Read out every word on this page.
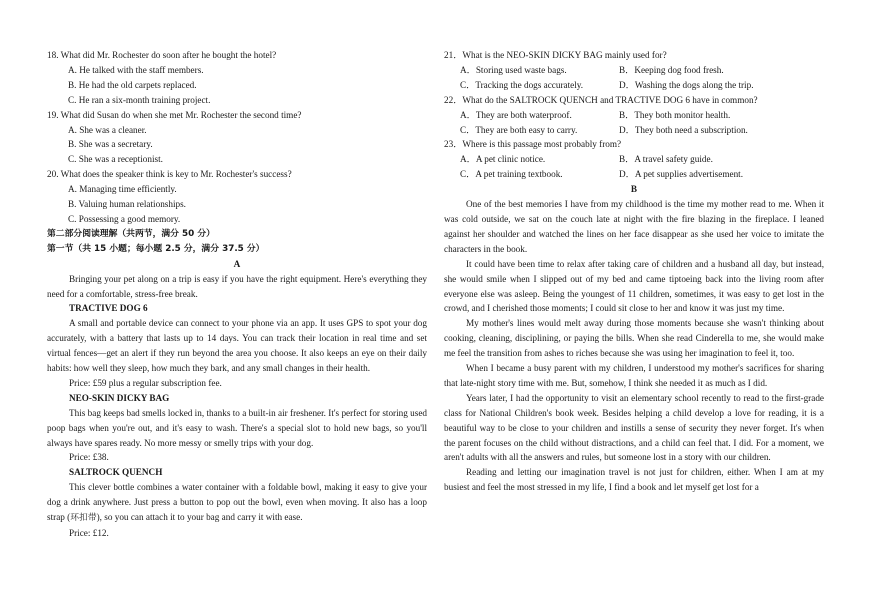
18. What did Mr. Rochester do soon after he bought the hotel?
A. He talked with the staff members.
B. He had the old carpets replaced.
C. He ran a six-month training project.
19. What did Susan do when she met Mr. Rochester the second time?
A. She was a cleaner.
B. She was a secretary.
C. She was a receptionist.
20. What does the speaker think is key to Mr. Rochester's success?
A. Managing time efficiently.
B. Valuing human relationships.
C. Possessing a good memory.
第二部分阅读理解（共两节，满分 50 分）
第一节（共 15 小题；每小题 2.5 分，满分 37.5 分）
A

Bringing your pet along on a trip is easy if you have the right equipment. Here's everything they need for a comfortable, stress-free break.

TRACTIVE DOG 6

A small and portable device can connect to your phone via an app. It uses GPS to spot your dog accurately, with a battery that lasts up to 14 days. You can track their location in real time and set virtual fences—get an alert if they run beyond the area you choose. It also keeps an eye on their daily habits: how well they sleep, how much they bark, and any small changes in their health.

Price: £59 plus a regular subscription fee.
NEO-SKIN DICKY BAG

This bag keeps bad smells locked in, thanks to a built-in air freshener. It's perfect for storing used poop bags when you're out, and it's easy to wash. There's a special slot to hold new bags, so you'll always have spares ready. No more messy or smelly trips with your dog.

Price: £38.
SALTROCK QUENCH

This clever bottle combines a water container with a foldable bowl, making it easy to give your dog a drink anywhere. Just press a button to pop out the bowl, even when moving. It also has a loop strap (环扣带), so you can attach it to your bag and carry it with ease.

Price: £12.
21．What is the NEO-SKIN DICKY BAG mainly used for?
A．Storing used waste bags.	B．Keeping dog food fresh.
C．Tracking the dogs accurately.	D．Washing the dogs along the trip.
22．What do the SALTROCK QUENCH and TRACTIVE DOG 6 have in common?
A．They are both waterproof.	B．They both monitor health.
C．They are both easy to carry.	D．They both need a subscription.
23．Where is this passage most probably from?
A．A pet clinic notice.	B．A travel safety guide.
C．A pet training textbook.	D．A pet supplies advertisement.
B

One of the best memories I have from my childhood is the time my mother read to me. When it was cold outside, we sat on the couch late at night with the fire blazing in the fireplace. I leaned against her shoulder and watched the lines on her face disappear as she used her voice to imitate the characters in the book.

It could have been time to relax after taking care of children and a husband all day, but instead, she would smile when I slipped out of my bed and came tiptoeing back into the living room after everyone else was asleep. Being the youngest of 11 children, sometimes, it was easy to get lost in the crowd, and I cherished those moments; I could sit close to her and know it was just my time.

My mother's lines would melt away during those moments because she wasn't thinking about cooking, cleaning, disciplining, or paying the bills. When she read Cinderella to me, she would make me feel the transition from ashes to riches because she was using her imagination to feel it, too.

When I became a busy parent with my children, I understood my mother's sacrifices for sharing that late-night story time with me. But, somehow, I think she needed it as much as I did.

Years later, I had the opportunity to visit an elementary school recently to read to the first-grade class for National Children's book week. Besides helping a child develop a love for reading, it is a beautiful way to be close to your children and instills a sense of security they never forget. It's when the parent focuses on the child without distractions, and a child can feel that. I did. For a moment, we aren't adults with all the answers and rules, but someone lost in a story with our children.

Reading and letting our imagination travel is not just for children, either. When I am at my busiest and feel the most stressed in my life, I find a book and let myself get lost for a
